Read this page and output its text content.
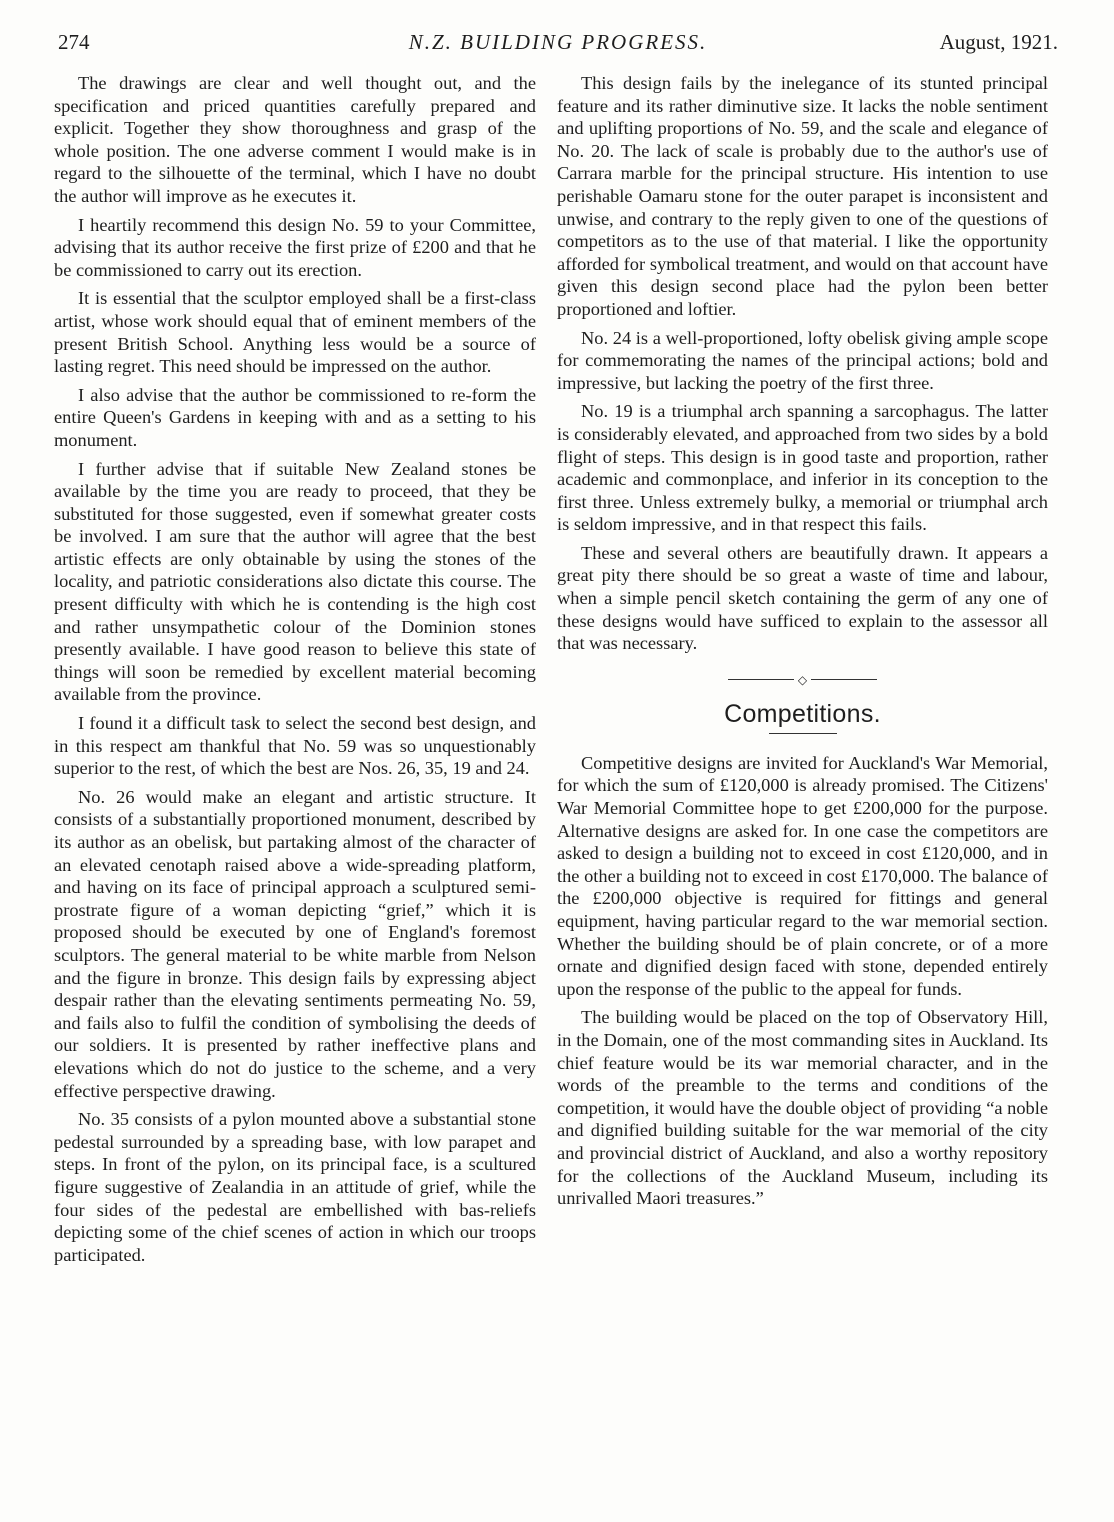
274	N.Z. BUILDING PROGRESS.	August, 1921.

The drawings are clear and well thought out, and the specification and priced quantities carefully prepared and explicit. Together they show thoroughness and grasp of the whole position. The one adverse comment I would make is in regard to the silhouette of the terminal, which I have no doubt the author will improve as he executes it.

I heartily recommend this design No. 59 to your Committee, advising that its author receive the first prize of £200 and that he be commissioned to carry out its erection.

It is essential that the sculptor employed shall be a first-class artist, whose work should equal that of eminent members of the present British School. Anything less would be a source of lasting regret. This need should be impressed on the author.

I also advise that the author be commissioned to re-form the entire Queen's Gardens in keeping with and as a setting to his monument.

I further advise that if suitable New Zealand stones be available by the time you are ready to proceed, that they be substituted for those suggested, even if somewhat greater costs be involved. I am sure that the author will agree that the best artistic effects are only obtainable by using the stones of the locality, and patriotic considerations also dictate this course. The present difficulty with which he is contending is the high cost and rather unsympathetic colour of the Dominion stones presently available. I have good reason to believe this state of things will soon be remedied by excellent material becoming available from the province.

I found it a difficult task to select the second best design, and in this respect am thankful that No. 59 was so unquestionably superior to the rest, of which the best are Nos. 26, 35, 19 and 24.

No. 26 would make an elegant and artistic structure. It consists of a substantially proportioned monument, described by its author as an obelisk, but partaking almost of the character of an elevated cenotaph raised above a wide-spreading platform, and having on its face of principal approach a sculptured semi-prostrate figure of a woman depicting “grief,” which it is proposed should be executed by one of England's foremost sculptors. The general material to be white marble from Nelson and the figure in bronze. This design fails by expressing abject despair rather than the elevating sentiments permeating No. 59, and fails also to fulfil the condition of symbolising the deeds of our soldiers. It is presented by rather ineffective plans and elevations which do not do justice to the scheme, and a very effective perspective drawing.

No. 35 consists of a pylon mounted above a substantial stone pedestal surrounded by a spreading base, with low parapet and steps. In front of the pylon, on its principal face, is a scultured figure suggestive of Zealandia in an attitude of grief, while the four sides of the pedestal are embellished with bas-reliefs depicting some of the chief scenes of action in which our troops participated.

This design fails by the inelegance of its stunted principal feature and its rather diminutive size. It lacks the noble sentiment and uplifting proportions of No. 59, and the scale and elegance of No. 20. The lack of scale is probably due to the author's use of Carrara marble for the principal structure. His intention to use perishable Oamaru stone for the outer parapet is inconsistent and unwise, and contrary to the reply given to one of the questions of competitors as to the use of that material. I like the opportunity afforded for symbolical treatment, and would on that account have given this design second place had the pylon been better proportioned and loftier.

No. 24 is a well-proportioned, lofty obelisk giving ample scope for commemorating the names of the principal actions; bold and impressive, but lacking the poetry of the first three.

No. 19 is a triumphal arch spanning a sarcophagus. The latter is considerably elevated, and approached from two sides by a bold flight of steps. This design is in good taste and proportion, rather academic and commonplace, and inferior in its conception to the first three. Unless extremely bulky, a memorial or triumphal arch is seldom impressive, and in that respect this fails.

These and several others are beautifully drawn. It appears a great pity there should be so great a waste of time and labour, when a simple pencil sketch containing the germ of any one of these designs would have sufficed to explain to the assessor all that was necessary.

◇
Competitions.

Competitive designs are invited for Auckland's War Memorial, for which the sum of £120,000 is already promised. The Citizens' War Memorial Committee hope to get £200,000 for the purpose. Alternative designs are asked for. In one case the competitors are asked to design a building not to exceed in cost £120,000, and in the other a building not to exceed in cost £170,000. The balance of the £200,000 objective is required for fittings and general equipment, having particular regard to the war memorial section. Whether the building should be of plain concrete, or of a more ornate and dignified design faced with stone, depended entirely upon the response of the public to the appeal for funds.

The building would be placed on the top of Observatory Hill, in the Domain, one of the most commanding sites in Auckland. Its chief feature would be its war memorial character, and in the words of the preamble to the terms and conditions of the competition, it would have the double object of providing “a noble and dignified building suitable for the war memorial of the city and provincial district of Auckland, and also a worthy repository for the collections of the Auckland Museum, including its unrivalled Maori treasures.”
